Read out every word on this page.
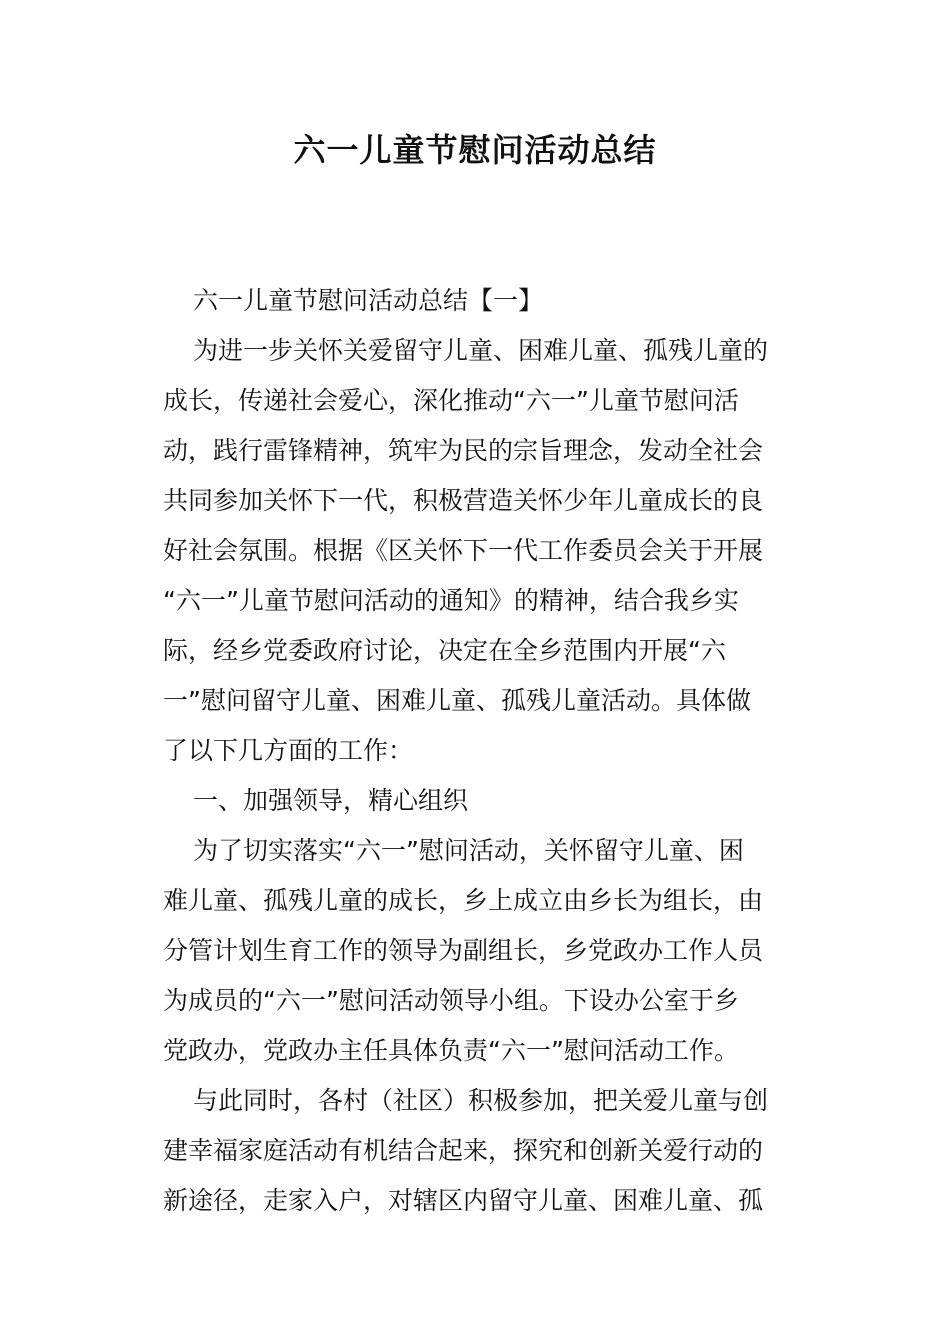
六一儿童节慰问活动总结
六一儿童节慰问活动总结【一】
为进一步关怀关爱留守儿童、困难儿童、孤残儿童的
成长，传递社会爱心，深化推动“六一”儿童节慰问活
动，践行雷锋精神，筑牢为民的宗旨理念，发动全社会
共同参加关怀下一代，积极营造关怀少年儿童成长的良
好社会氛围。根据《区关怀下一代工作委员会关于开展
“六一”儿童节慰问活动的通知》的精神，结合我乡实
际，经乡党委政府讨论，决定在全乡范围内开展“六
一”慰问留守儿童、困难儿童、孤残儿童活动。具体做
了以下几方面的工作：
一、加强领导，精心组织
为了切实落实“六一”慰问活动，关怀留守儿童、困
难儿童、孤残儿童的成长，乡上成立由乡长为组长，由
分管计划生育工作的领导为副组长，乡党政办工作人员
为成员的“六一”慰问活动领导小组。下设办公室于乡
党政办，党政办主任具体负责“六一”慰问活动工作。
与此同时，各村（社区）积极参加，把关爱儿童与创
建幸福家庭活动有机结合起来，探究和创新关爱行动的
新途径，走家入户，对辖区内留守儿童、困难儿童、孤
